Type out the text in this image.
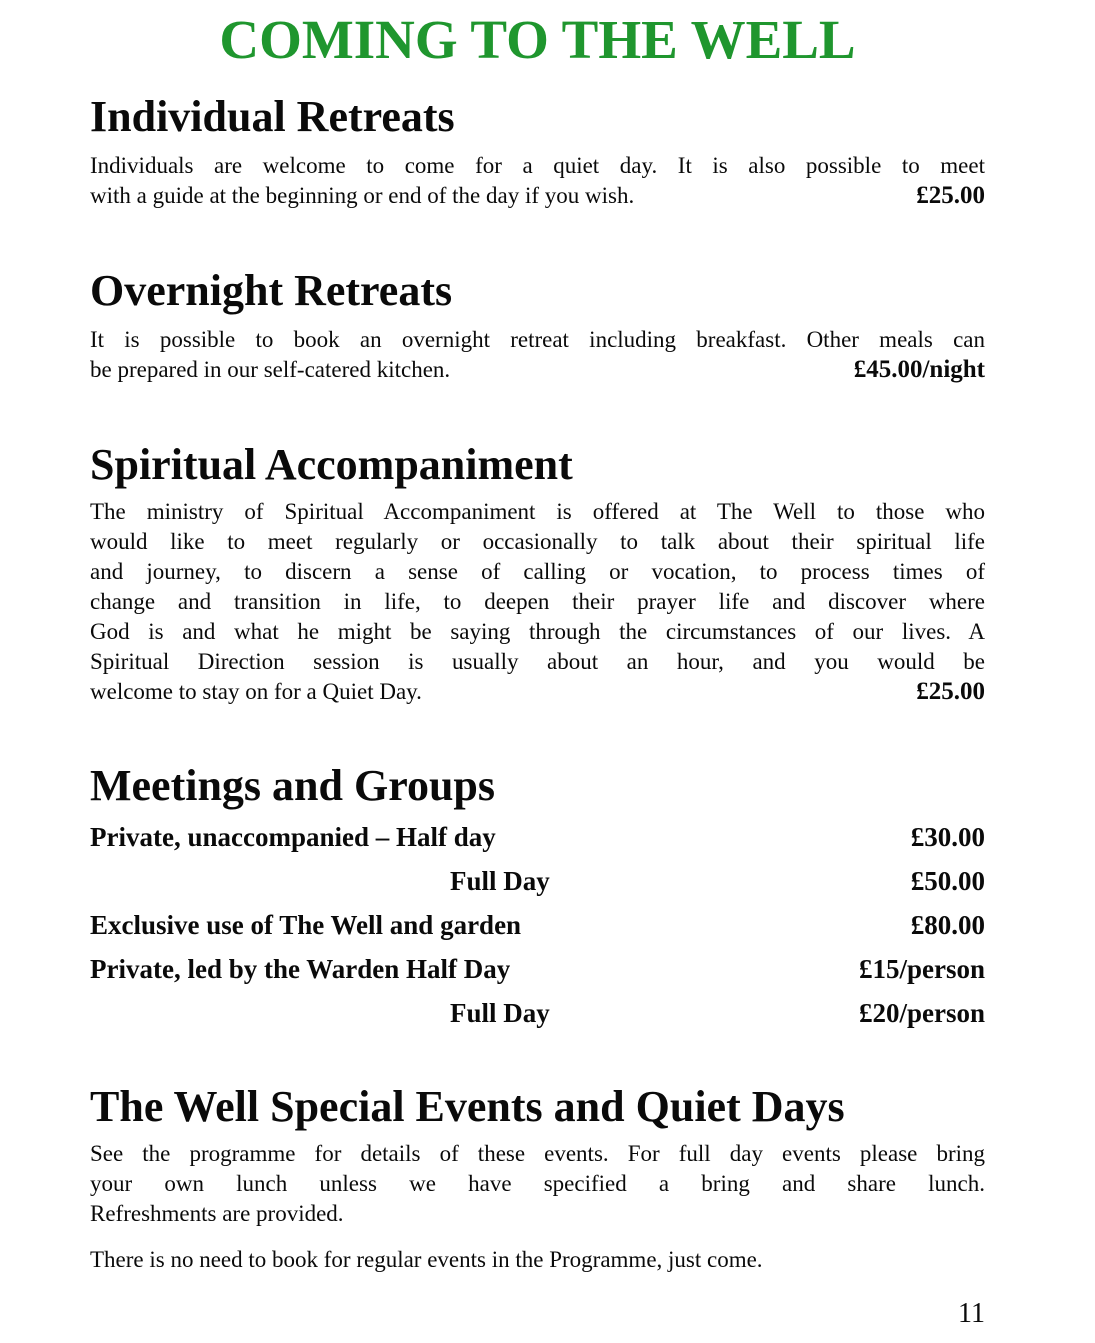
COMING TO THE WELL
Individual Retreats
Individuals are welcome to come for a quiet day. It is also possible to meet
with a guide at the beginning or end of the day if you wish.	£25.00
Overnight Retreats
It is possible to book an overnight retreat including breakfast. Other meals can
be prepared in our self-catered kitchen.	£45.00/night
Spiritual Accompaniment
The ministry of Spiritual Accompaniment is offered at The Well to those who
would like to meet regularly or occasionally to talk about their spiritual life
and journey, to discern a sense of calling or vocation, to process times of
change and transition in life, to deepen their prayer life and discover where
God is and what he might be saying through the circumstances of our lives. A
Spiritual Direction session is usually about an hour, and you would be
welcome to stay on for a Quiet Day.	£25.00
Meetings and Groups
Private, unaccompanied – Half day	£30.00
Full Day	£50.00
Exclusive use of The Well and garden	£80.00
Private, led by the Warden Half Day	£15/person
Full Day	£20/person
The Well Special Events and Quiet Days
See the programme for details of these events. For full day events please bring
your own lunch unless we have specified a bring and share lunch.
Refreshments are provided.
There is no need to book for regular events in the Programme, just come.
11
